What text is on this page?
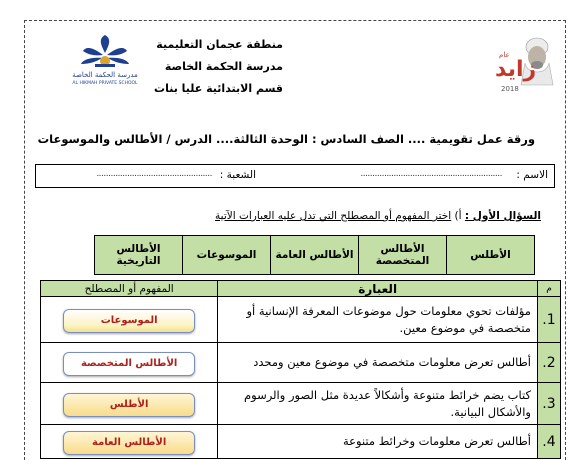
مدرسة الحكمة الخاصة
AL HIKMAH PRIVATE SCHOOL
منطقة عجمان التعليمية
مدرسة الحكمة الخاصة
قسم الابتدائية عليا بنات
زايد
عام
2018
ورقة عمل تقويمية .... الصف السادس : الوحدة الثالثة.... الدرس / الأطالس والموسوعات
الاسم :
............................................................
الشعبة :
.................................................
السؤال الأول : أ) اختر المفهوم أو المصطلح التي تدل عليه العبارات الآتية
الأطلس
الأطالس المتخصصة
الأطالس العامة
الموسوعات
الأطالس التاريخية
م	العبارة	المفهوم أو المصطلح
1.	مؤلفات تحوي معلومات حول موضوعات المعرفة الإنسانية أو متخصصة في موضوع معين.	الموسوعات
2.	أطالس تعرض معلومات متخصصة في موضوع معين ومحدد	الأطالس المتخصصة
3.	كتاب يضم خرائط متنوعة وأشكالاً عديدة مثل الصور والرسوم والأشكال البيانية.	الأطلس
4.	أطالس تعرض معلومات وخرائط متنوعة	الأطالس العامة
